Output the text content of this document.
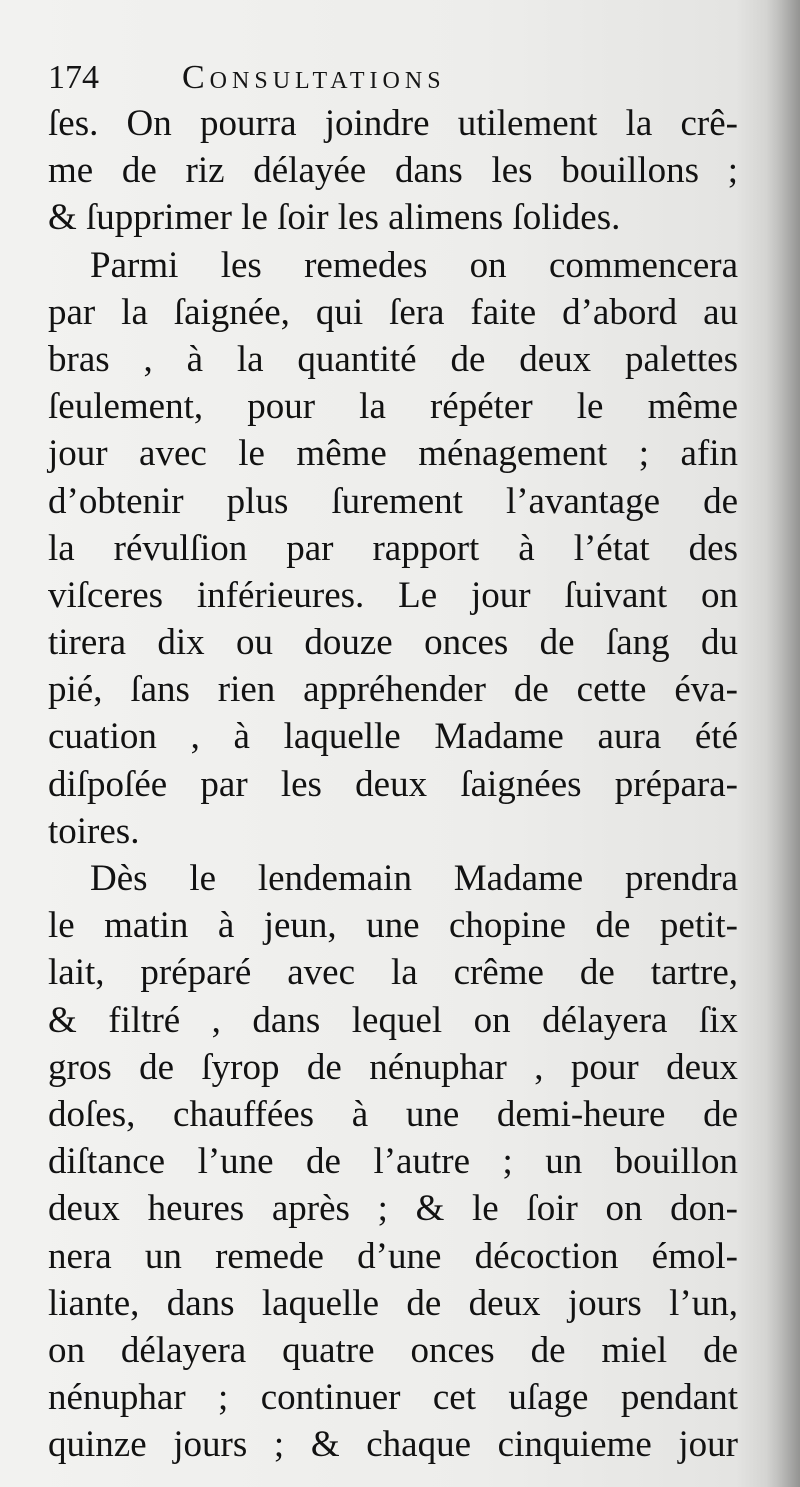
174 Consultations
ſes. On pourra joindre utilement la crê-
me de riz délayée dans les bouillons ;
& ſupprimer le ſoir les alimens ſolides.
Parmi les remedes on commencera
par la ſaignée, qui ſera faite d’abord au
bras , à la quantité de deux palettes
ſeulement, pour la répéter le même
jour avec le même ménagement ; afin
d’obtenir plus ſurement l’avantage de
la révulſion par rapport à l’état des
viſceres inférieures. Le jour ſuivant on
tirera dix ou douze onces de ſang du
pié, ſans rien appréhender de cette éva-
cuation , à laquelle Madame aura été
diſpoſée par les deux ſaignées prépara-
toires.
Dès le lendemain Madame prendra
le matin à jeun, une chopine de petit-
lait, préparé avec la crême de tartre,
& filtré , dans lequel on délayera ſix
gros de ſyrop de nénuphar , pour deux
doſes, chauffées à une demi-heure de
diſtance l’une de l’autre ; un bouillon
deux heures après ; & le ſoir on don-
nera un remede d’une décoction émol-
liante, dans laquelle de deux jours l’un,
on délayera quatre onces de miel de
nénuphar ; continuer cet uſage pendant
quinze jours ; & chaque cinquieme jour
